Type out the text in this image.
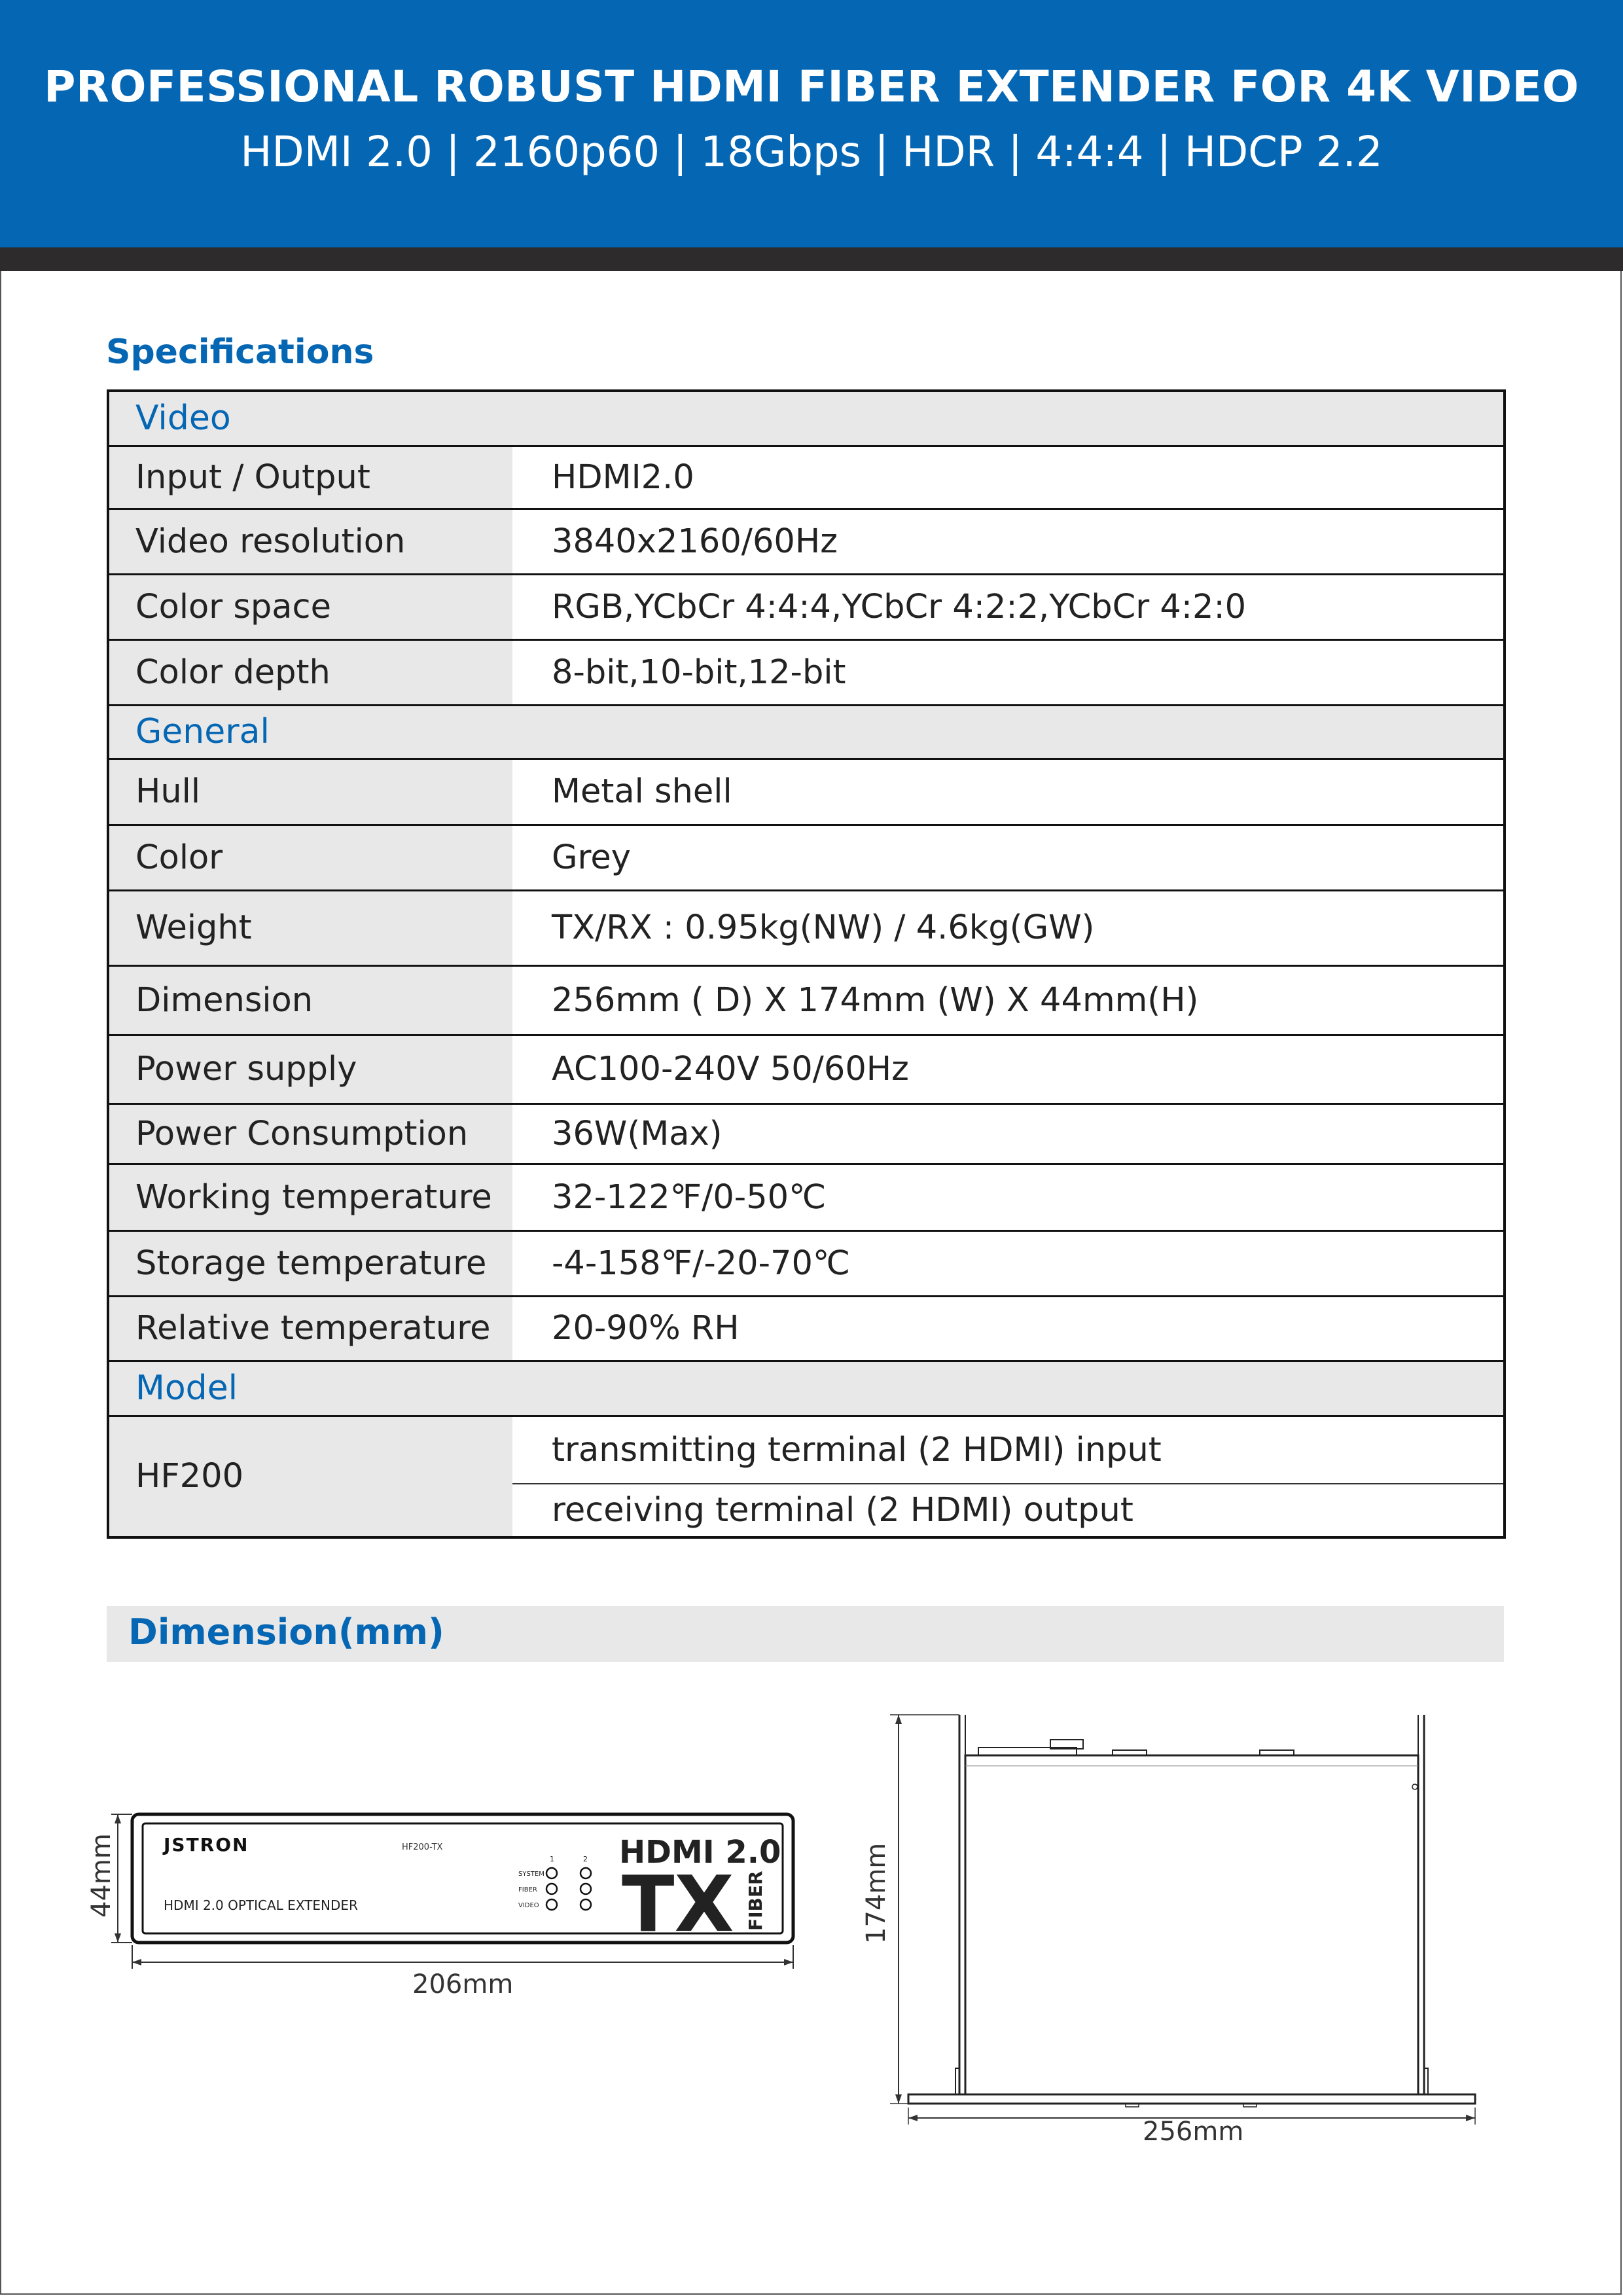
PROFESSIONAL ROBUST HDMI FIBER EXTENDER FOR 4K VIDEO
HDMI 2.0 | 2160p60 | 18Gbps | HDR | 4:4:4 | HDCP 2.2
Specifications
Video	
Input / Output	HDMI2.0
Video resolution	3840x2160/60Hz
Color space	RGB,YCbCr 4:4:4,YCbCr 4:2:2,YCbCr 4:2:0
Color depth	8-bit,10-bit,12-bit
General	
Hull	Metal shell
Color	Grey
Weight	TX/RX : 0.95kg(NW) / 4.6kg(GW)
Dimension	256mm ( D) X 174mm (W) X 44mm(H)
Power supply	AC100-240V 50/60Hz
Power Consumption	36W(Max)
Working temperature	32-122℉/0-50℃
Storage temperature	-4-158℉/-20-70℃
Relative temperature	20-90% RH
Model	
HF200	transmitting terminal (2 HDMI) input
	receiving terminal (2 HDMI) output
Dimension(mm)
JSTRON	HF200-TX
HDMI 2.0 OPTICAL EXTENDER
1	2
SYSTEM
FIBER
VIDEO
HDMI 2.0
TX FIBER
44mm
206mm
174mm
256mm
